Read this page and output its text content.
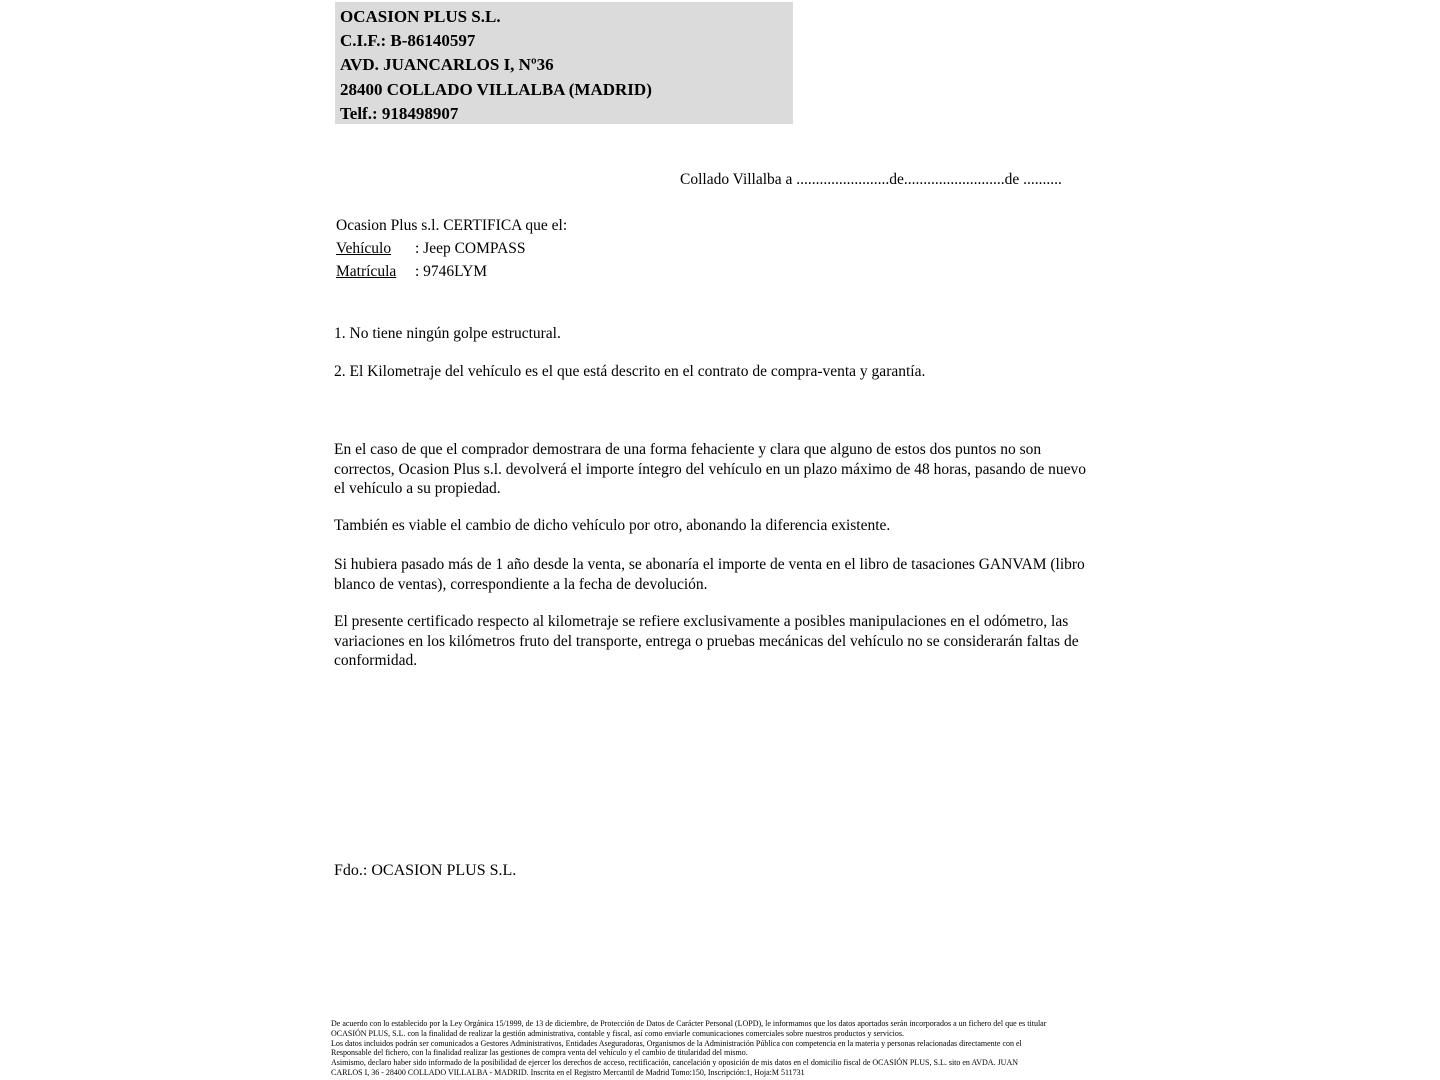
OCASION PLUS S.L.
C.I.F.: B-86140597
AVD. JUANCARLOS I, Nº36
28400 COLLADO VILLALBA (MADRID)
Telf.: 918498907
Collado Villalba a ........................de..........................de ..........
Ocasion Plus s.l. CERTIFICA que el:
Vehículo : Jeep COMPASS
Matrícula : 9746LYM
1. No tiene ningún golpe estructural.
2. El Kilometraje del vehículo es el que está descrito en el contrato de compra-venta y garantía.
En el caso de que el comprador demostrara de una forma fehaciente y clara que alguno de estos dos puntos no son correctos, Ocasion Plus s.l. devolverá el importe íntegro del vehículo en un plazo máximo de 48 horas, pasando de nuevo el vehículo a su propiedad.
También es viable el cambio de dicho vehículo por otro, abonando la diferencia existente.
Si hubiera pasado más de 1 año desde la venta, se abonaría el importe de venta en el libro de tasaciones GANVAM (libro blanco de ventas), correspondiente a la fecha de devolución.
El presente certificado respecto al kilometraje se refiere exclusivamente a posibles manipulaciones en el odómetro, las variaciones en los kilómetros fruto del transporte, entrega o pruebas mecánicas del vehículo no se considerarán faltas de conformidad.
Fdo.: OCASION PLUS S.L.
De acuerdo con lo establecido por la Ley Orgánica 15/1999, de 13 de diciembre, de Protección de Datos de Carácter Personal (LOPD), le informamos que los datos aportados serán incorporados a un fichero del que es titular
OCASIÓN PLUS, S.L. con la finalidad de realizar la gestión administrativa, contable y fiscal, así como enviarle comunicaciones comerciales sobre nuestros productos y servicios.
Los datos incluidos podrán ser comunicados a Gestores Administrativos, Entidades Aseguradoras, Organismos de la Administración Pública con competencia en la materia y personas relacionadas directamente con el
Responsable del fichero, con la finalidad realizar las gestiones de compra venta del vehículo y el cambio de titularidad del mismo.
Asimismo, declaro haber sido informado de la posibilidad de ejercer los derechos de acceso, rectificación, cancelación y oposición de mis datos en el domicilio fiscal de OCASIÓN PLUS, S.L. sito en AVDA. JUAN
CARLOS I, 36 - 28400 COLLADO VILLALBA - MADRID. Inscrita en el Registro Mercantil de Madrid Tomo:150, Inscripción:1, Hoja:M 511731
